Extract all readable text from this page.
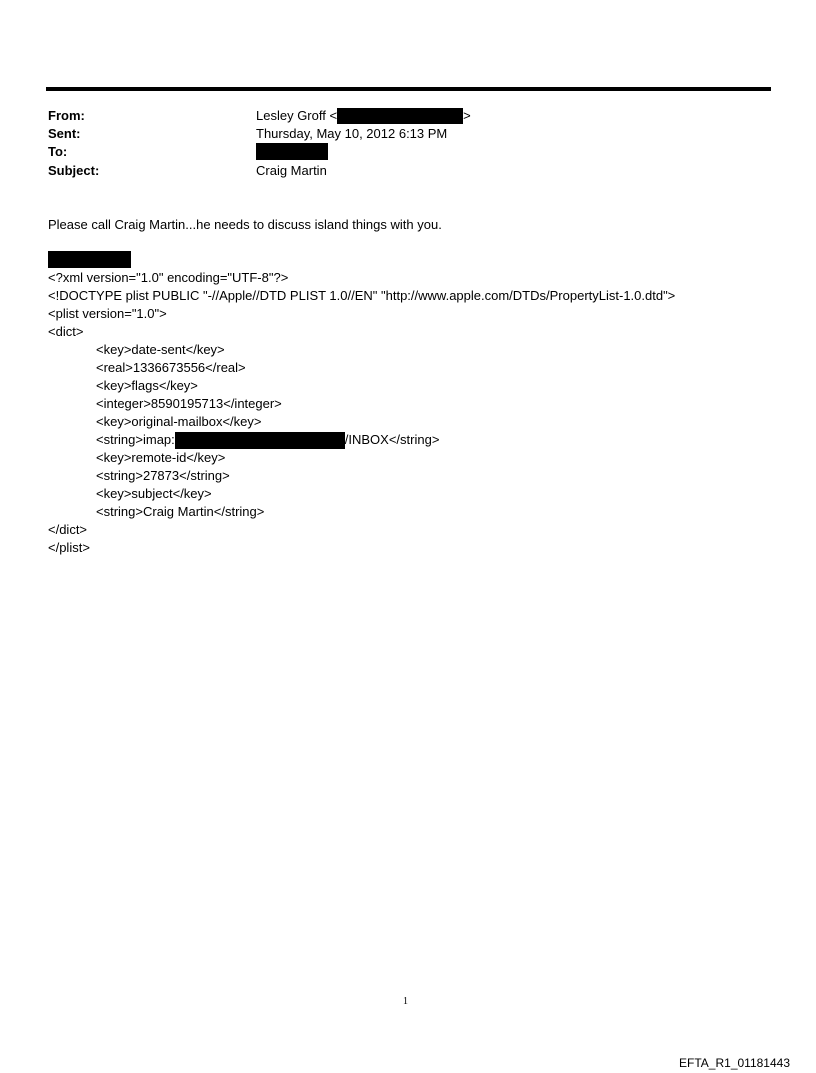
From:	Lesley Groff <	>
Sent:	Thursday, May 10, 2012 6:13 PM
To:
Subject:	Craig Martin
Please call Craig Martin...he needs to discuss island things with you.
<?xml version="1.0" encoding="UTF-8"?>
<!DOCTYPE plist PUBLIC "-//Apple//DTD PLIST 1.0//EN" "http://www.apple.com/DTDs/PropertyList-1.0.dtd">
<plist version="1.0">
<dict>
<key>date-sent</key>
<real>1336673556</real>
<key>flags</key>
<integer>8590195713</integer>
<key>original-mailbox</key>
<string>imap:	/INBOX</string>
<key>remote-id</key>
<string>27873</string>
<key>subject</key>
<string>Craig Martin</string>
</dict>
</plist>
1
EFTA_R1_01181443
